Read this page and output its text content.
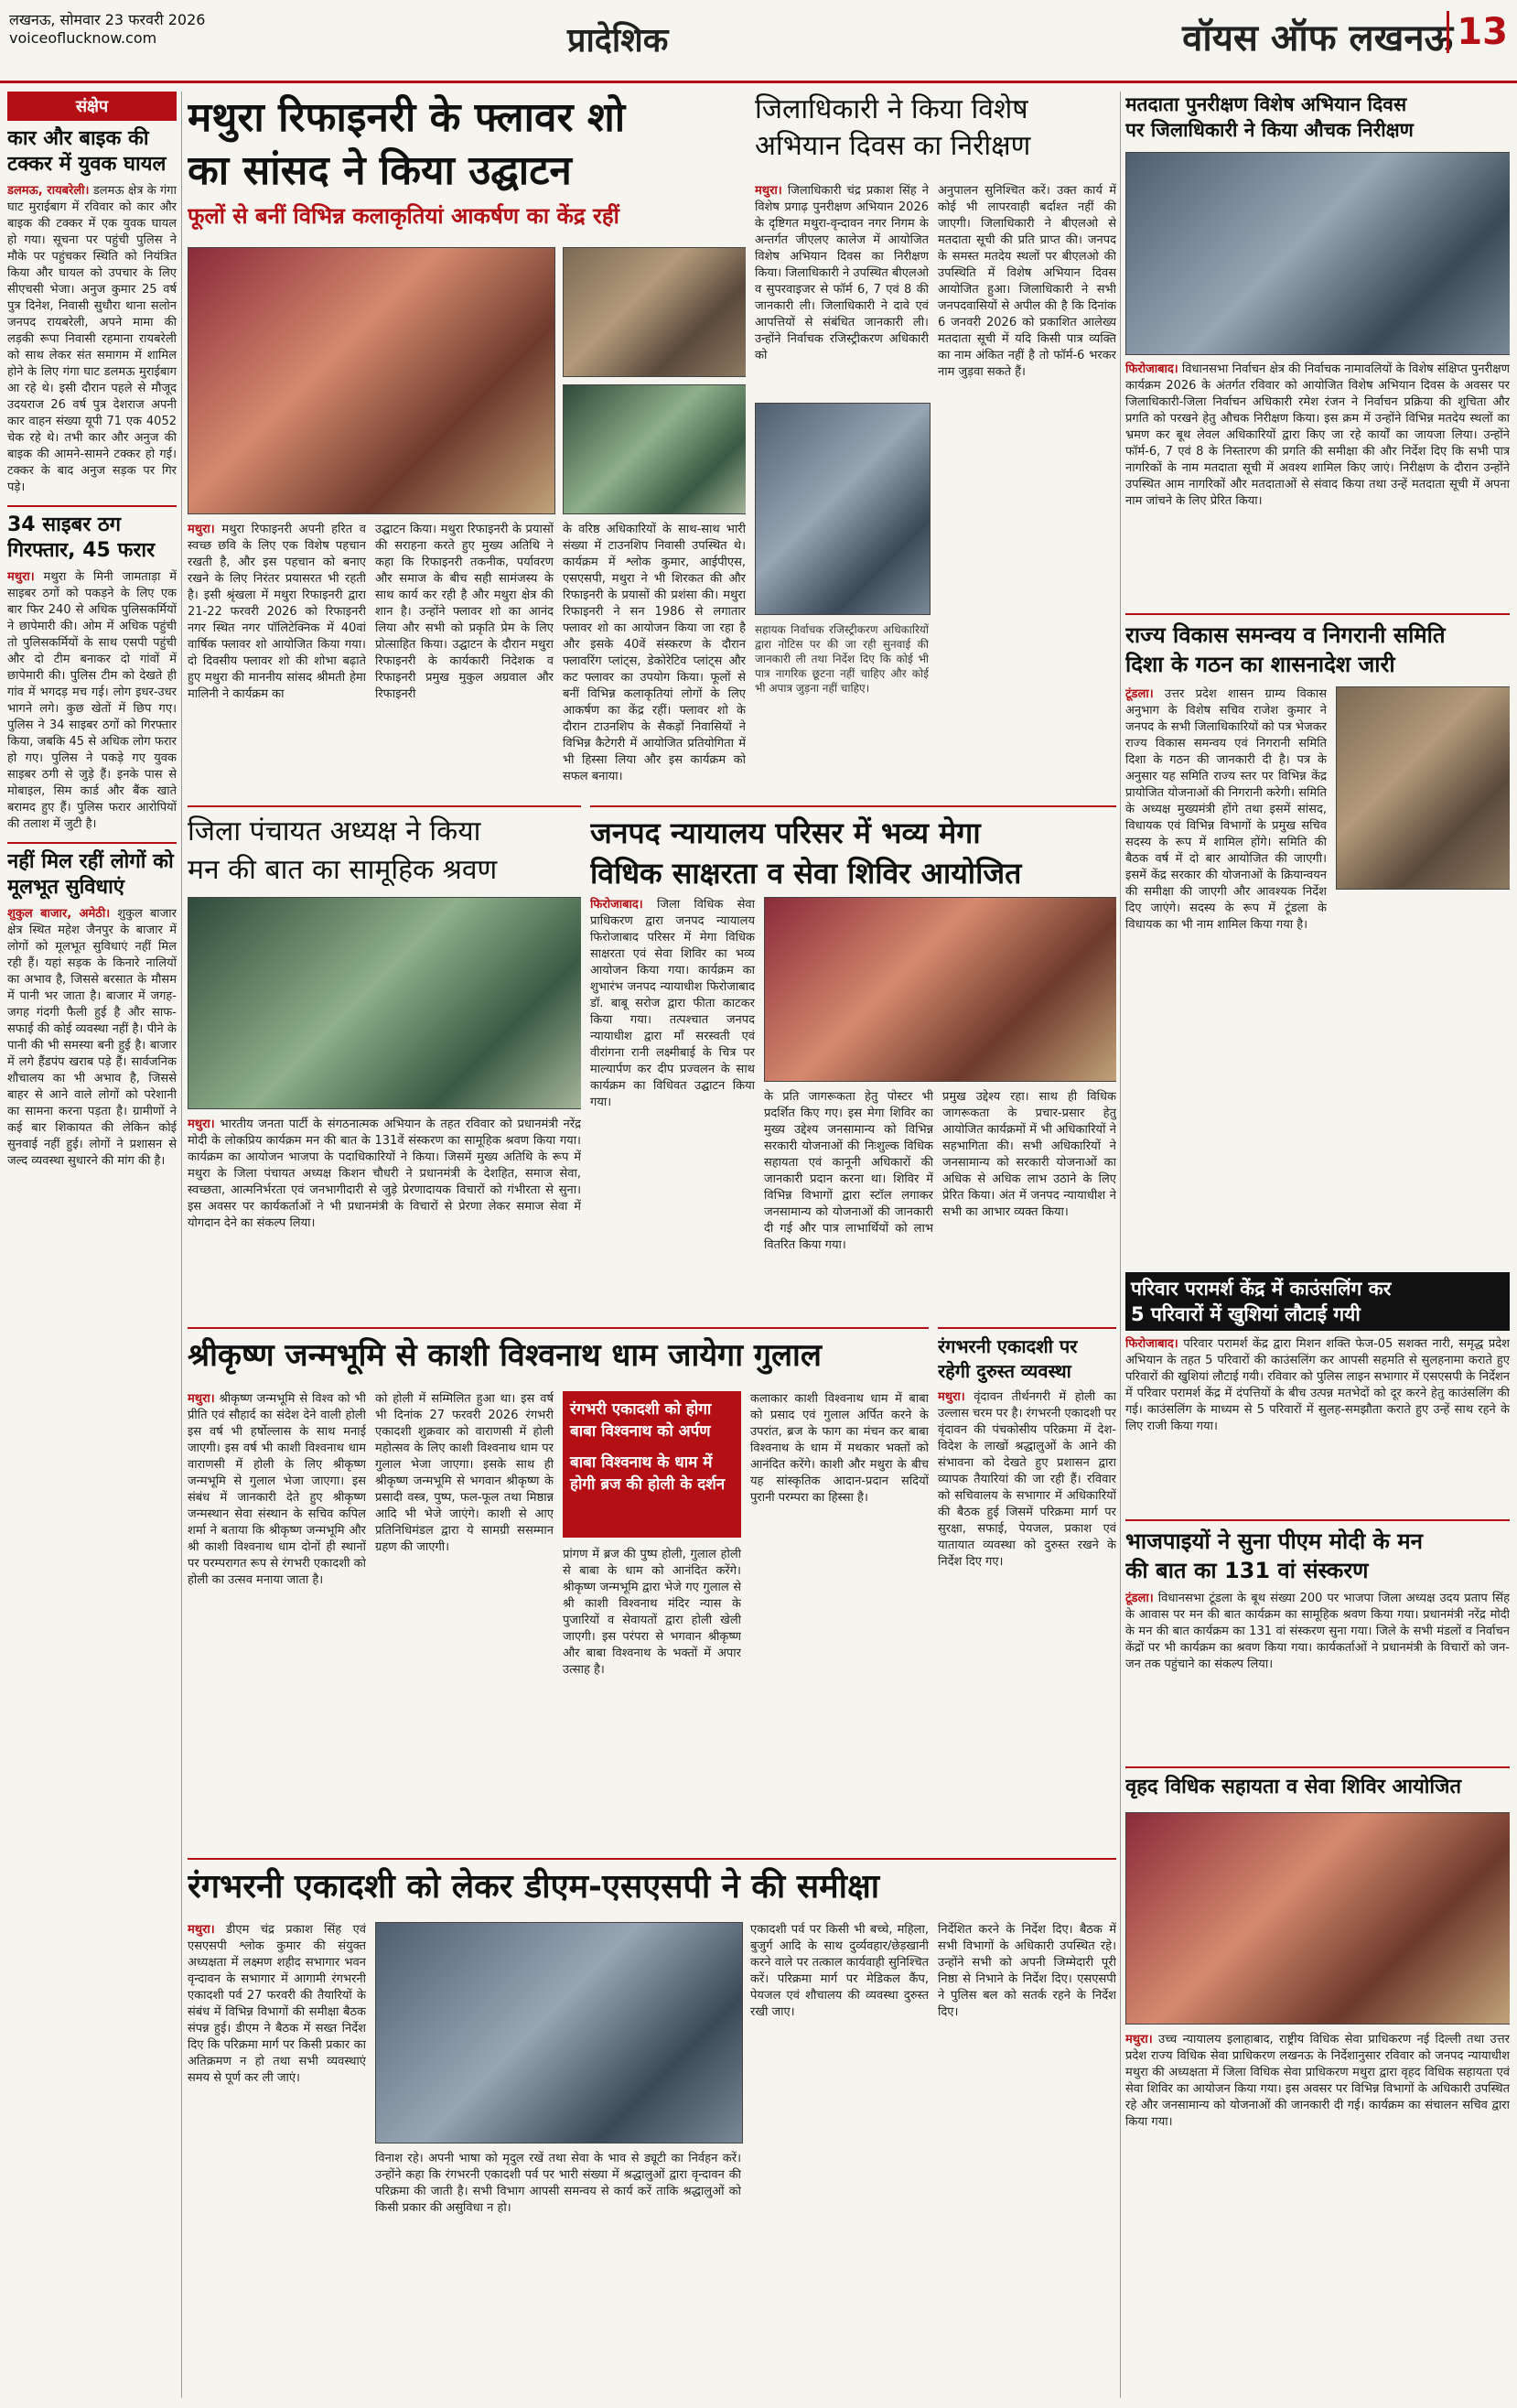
लखनऊ, सोमवार 23 फरवरी 2026
voiceoflucknow.com	प्रादेशिक	वॉयस ऑफ लखनऊ 13
संक्षेप
कार और बाइक की टक्कर में युवक घायल

डलमऊ, रायबरेली। डलमऊ क्षेत्र के गंगा घाट मुराईबाग में रविवार को कार और बाइक की टक्कर में एक युवक घायल हो गया। सूचना पर पहुंची पुलिस ने मौके पर पहुंचकर स्थिति को नियंत्रित किया और घायल को उपचार के लिए सीएचसी भेजा। अनुज कुमार 25 वर्ष पुत्र दिनेश, निवासी सुधौरा थाना सलोन जनपद रायबरेली, अपने मामा की लड़की रूपा निवासी रहमाना रायबरेली को साथ लेकर संत समागम में शामिल होने के लिए गंगा घाट डलमऊ मुराईबाग आ रहे थे। इसी दौरान पहले से मौजूद उदयराज 26 वर्ष पुत्र देशराज अपनी कार वाहन संख्या यूपी 71 एक 4052 चेक रहे थे। तभी कार और अनुज की बाइक की आमने-सामने टक्कर हो गई। टक्कर के बाद अनुज सड़क पर गिर पड़े।

34 साइबर ठग गिरफ्तार, 45 फरार

मथुरा। मथुरा के मिनी जामताड़ा में साइबर ठगों को पकड़ने के लिए एक बार फिर 240 से अधिक पुलिसकर्मियों ने छापेमारी की। ओम में अधिक पहुंची तो पुलिसकर्मियों के साथ एसपी पहुंची और दो टीम बनाकर दो गांवों में छापेमारी की। पुलिस टीम को देखते ही गांव में भगदड़ मच गई। लोग इधर-उधर भागने लगे। कुछ खेतों में छिप गए। पुलिस ने 34 साइबर ठगों को गिरफ्तार किया, जबकि 45 से अधिक लोग फरार हो गए। पुलिस ने पकड़े गए युवक साइबर ठगी से जुड़े हैं। इनके पास से मोबाइल, सिम कार्ड और बैंक खाते बरामद हुए हैं। पुलिस फरार आरोपियों की तलाश में जुटी है।

नहीं मिल रहीं लोगों को मूलभूत सुविधाएं

शुकुल बाजार, अमेठी। शुकुल बाजार क्षेत्र स्थित महेश जैनपुर के बाजार में लोगों को मूलभूत सुविधाएं नहीं मिल रही हैं। यहां सड़क के किनारे नालियों का अभाव है, जिससे बरसात के मौसम में पानी भर जाता है। बाजार में जगह-जगह गंदगी फैली हुई है और साफ-सफाई की कोई व्यवस्था नहीं है। पीने के पानी की भी समस्या बनी हुई है। बाजार में लगे हैंडपंप खराब पड़े हैं। सार्वजनिक शौचालय का भी अभाव है, जिससे बाहर से आने वाले लोगों को परेशानी का सामना करना पड़ता है। ग्रामीणों ने कई बार शिकायत की लेकिन कोई सुनवाई नहीं हुई। लोगों ने प्रशासन से जल्द व्यवस्था सुधारने की मांग की है।

मथुरा रिफाइनरी के फ्लावर शो
का सांसद ने किया उद्घाटन
फूलों से बनीं विभिन्न कलाकृतियां आकर्षण का केंद्र रहीं
मथुरा। मथुरा रिफाइनरी अपनी हरित व स्वच्छ छवि के लिए एक विशेष पहचान रखती है, और इस पहचान को बनाए रखने के लिए निरंतर प्रयासरत भी रहती है। इसी श्रृंखला में मथुरा रिफाइनरी द्वारा 21-22 फरवरी 2026 को रिफाइनरी नगर स्थित नगर पॉलिटेक्निक में 40वां वार्षिक फ्लावर शो आयोजित किया गया। दो दिवसीय फ्लावर शो की शोभा बढ़ाते हुए मथुरा की माननीय सांसद श्रीमती हेमा मालिनी ने कार्यक्रम का
उद्घाटन किया। मथुरा रिफाइनरी के प्रयासों की सराहना करते हुए मुख्य अतिथि ने कहा कि रिफाइनरी तकनीक, पर्यावरण और समाज के बीच सही सामंजस्य के साथ कार्य कर रही है और मथुरा क्षेत्र की शान है। उन्होंने फ्लावर शो का आनंद लिया और सभी को प्रकृति प्रेम के लिए प्रोत्साहित किया। उद्घाटन के दौरान मथुरा रिफाइनरी के कार्यकारी निदेशक व रिफाइनरी प्रमुख मुकुल अग्रवाल और रिफाइनरी
के वरिष्ठ अधिकारियों के साथ-साथ भारी संख्या में टाउनशिप निवासी उपस्थित थे। कार्यक्रम में श्लोक कुमार, आईपीएस, एसएसपी, मथुरा ने भी शिरकत की और रिफाइनरी के प्रयासों की प्रशंसा की। मथुरा रिफाइनरी ने सन 1986 से लगातार फ्लावर शो का आयोजन किया जा रहा है और इसके 40वें संस्करण के दौरान फ्लावरिंग प्लांट्स, डेकोरेटिव प्लांट्स और कट फ्लावर का उपयोग किया। फूलों से बनीं विभिन्न कलाकृतियां लोगों के लिए आकर्षण का केंद्र रहीं। फ्लावर शो के दौरान टाउनशिप के सैकड़ों निवासियों ने विभिन्न कैटेगरी में आयोजित प्रतियोगिता में भी हिस्सा लिया और इस कार्यक्रम को सफल बनाया।
जिलाधिकारी ने किया विशेष
अभियान दिवस का निरीक्षण
मथुरा। जिलाधिकारी चंद्र प्रकाश सिंह ने विशेष प्रगाढ़ पुनरीक्षण अभियान 2026 के दृष्टिगत मथुरा-वृन्दावन नगर निगम के अन्तर्गत जीएलए कालेज में आयोजित विशेष अभियान दिवस का निरीक्षण किया। जिलाधिकारी ने उपस्थित बीएलओ व सुपरवाइजर से फॉर्म 6, 7 एवं 8 की जानकारी ली। जिलाधिकारी ने दावे एवं आपत्तियों से संबंधित जानकारी ली। उन्होंने निर्वाचक रजिस्ट्रीकरण अधिकारी को
अनुपालन सुनिश्चित करें। उक्त कार्य में कोई भी लापरवाही बर्दाश्त नहीं की जाएगी। जिलाधिकारी ने बीएलओ से मतदाता सूची की प्रति प्राप्त की। जनपद के समस्त मतदेय स्थलों पर बीएलओ की उपस्थिति में विशेष अभियान दिवस आयोजित हुआ। जिलाधिकारी ने सभी जनपदवासियों से अपील की है कि दिनांक 6 जनवरी 2026 को प्रकाशित आलेख्य मतदाता सूची में यदि किसी पात्र व्यक्ति का नाम अंकित नहीं है तो फॉर्म-6 भरकर नाम जुड़वा सकते हैं।
सहायक निर्वाचक रजिस्ट्रीकरण अधिकारियों द्वारा नोटिस पर की जा रही सुनवाई की जानकारी ली तथा निर्देश दिए कि कोई भी पात्र नागरिक छूटना नहीं चाहिए और कोई भी अपात्र जुड़ना नहीं चाहिए।
मतदाता पुनरीक्षण विशेष अभियान दिवस
पर जिलाधिकारी ने किया औचक निरीक्षण
फिरोजाबाद। विधानसभा निर्वाचन क्षेत्र की निर्वाचक नामावलियों के विशेष संक्षिप्त पुनरीक्षण कार्यक्रम 2026 के अंतर्गत रविवार को आयोजित विशेष अभियान दिवस के अवसर पर जिलाधिकारी-जिला निर्वाचन अधिकारी रमेश रंजन ने निर्वाचन प्रक्रिया की शुचिता और प्रगति को परखने हेतु औचक निरीक्षण किया। इस क्रम में उन्होंने विभिन्न मतदेय स्थलों का भ्रमण कर बूथ लेवल अधिकारियों द्वारा किए जा रहे कार्यों का जायजा लिया। उन्होंने फॉर्म-6, 7 एवं 8 के निस्तारण की प्रगति की समीक्षा की और निर्देश दिए कि सभी पात्र नागरिकों के नाम मतदाता सूची में अवश्य शामिल किए जाएं। निरीक्षण के दौरान उन्होंने उपस्थित आम नागरिकों और मतदाताओं से संवाद किया तथा उन्हें मतदाता सूची में अपना नाम जांचने के लिए प्रेरित किया।
राज्य विकास समन्वय व निगरानी समिति
दिशा के गठन का शासनादेश जारी
टूंडला। उत्तर प्रदेश शासन ग्राम्य विकास अनुभाग के विशेष सचिव राजेश कुमार ने जनपद के सभी जिलाधिकारियों को पत्र भेजकर राज्य विकास समन्वय एवं निगरानी समिति दिशा के गठन की जानकारी दी है। पत्र के अनुसार यह समिति राज्य स्तर पर विभिन्न केंद्र प्रायोजित योजनाओं की निगरानी करेगी। समिति के अध्यक्ष मुख्यमंत्री होंगे तथा इसमें सांसद, विधायक एवं विभिन्न विभागों के प्रमुख सचिव सदस्य के रूप में शामिल होंगे। समिति की बैठक वर्ष में दो बार आयोजित की जाएगी। इसमें केंद्र सरकार की योजनाओं के क्रियान्वयन की समीक्षा की जाएगी और आवश्यक निर्देश दिए जाएंगे। सदस्य के रूप में टूंडला के विधायक का भी नाम शामिल किया गया है।
जिला पंचायत अध्यक्ष ने किया
मन की बात का सामूहिक श्रवण
मथुरा। भारतीय जनता पार्टी के संगठनात्मक अभियान के तहत रविवार को प्रधानमंत्री नरेंद्र मोदी के लोकप्रिय कार्यक्रम मन की बात के 131वें संस्करण का सामूहिक श्रवण किया गया। कार्यक्रम का आयोजन भाजपा के पदाधिकारियों ने किया। जिसमें मुख्य अतिथि के रूप में मथुरा के जिला पंचायत अध्यक्ष किशन चौधरी ने प्रधानमंत्री के देशहित, समाज सेवा, स्वच्छता, आत्मनिर्भरता एवं जनभागीदारी से जुड़े प्रेरणादायक विचारों को गंभीरता से सुना। इस अवसर पर कार्यकर्ताओं ने भी प्रधानमंत्री के विचारों से प्रेरणा लेकर समाज सेवा में योगदान देने का संकल्प लिया।
जनपद न्यायालय परिसर में भव्य मेगा
विधिक साक्षरता व सेवा शिविर आयोजित
फिरोजाबाद। जिला विधिक सेवा प्राधिकरण द्वारा जनपद न्यायालय फिरोजाबाद परिसर में मेगा विधिक साक्षरता एवं सेवा शिविर का भव्य आयोजन किया गया। कार्यक्रम का शुभारंभ जनपद न्यायाधीश फिरोजाबाद डॉ. बाबू सरोज द्वारा फीता काटकर किया गया। तत्पश्चात जनपद न्यायाधीश द्वारा माँ सरस्वती एवं वीरांगना रानी लक्ष्मीबाई के चित्र पर माल्यार्पण कर दीप प्रज्वलन के साथ कार्यक्रम का विधिवत उद्घाटन किया गया।	के प्रति जागरूकता हेतु पोस्टर भी प्रदर्शित किए गए। इस मेगा शिविर का मुख्य उद्देश्य जनसामान्य को विभिन्न सरकारी योजनाओं की निःशुल्क विधिक सहायता एवं कानूनी अधिकारों की जानकारी प्रदान करना था। शिविर में विभिन्न विभागों द्वारा स्टॉल लगाकर जनसामान्य को योजनाओं की जानकारी दी गई और पात्र लाभार्थियों को लाभ वितरित किया गया।
प्रमुख उद्देश्य रहा। साथ ही विधिक जागरूकता के प्रचार-प्रसार हेतु आयोजित कार्यक्रमों में भी अधिकारियों ने सहभागिता की। सभी अधिकारियों ने जनसामान्य को सरकारी योजनाओं का अधिक से अधिक लाभ उठाने के लिए प्रेरित किया। अंत में जनपद न्यायाधीश ने सभी का आभार व्यक्त किया।
परिवार परामर्श केंद्र में काउंसलिंग कर
5 परिवारों में खुशियां लौटाई गयी
फिरोजाबाद। परिवार परामर्श केंद्र द्वारा मिशन शक्ति फेज-05 सशक्त नारी, समृद्ध प्रदेश अभियान के तहत 5 परिवारों की काउंसलिंग कर आपसी सहमति से सुलहनामा कराते हुए परिवारों की खुशियां लौटाई गयी। रविवार को पुलिस लाइन सभागार में एसएसपी के निर्देशन में परिवार परामर्श केंद्र में दंपत्तियों के बीच उत्पन्न मतभेदों को दूर करने हेतु काउंसलिंग की गई। काउंसलिंग के माध्यम से 5 परिवारों में सुलह-समझौता कराते हुए उन्हें साथ रहने के लिए राजी किया गया।
श्रीकृष्ण जन्मभूमि से काशी विश्वनाथ धाम जायेगा गुलाल
मथुरा। श्रीकृष्ण जन्मभूमि से विश्व को भी प्रीति एवं सौहार्द का संदेश देने वाली होली इस वर्ष भी हर्षोल्लास के साथ मनाई जाएगी। इस वर्ष भी काशी विश्वनाथ धाम वाराणसी में होली के लिए श्रीकृष्ण जन्मभूमि से गुलाल भेजा जाएगा। इस संबंध में जानकारी देते हुए श्रीकृष्ण जन्मस्थान सेवा संस्थान के सचिव कपिल शर्मा ने बताया कि श्रीकृष्ण जन्मभूमि और श्री काशी विश्वनाथ धाम दोनों ही स्थानों पर परम्परागत रूप से रंगभरी एकादशी को होली का उत्सव मनाया जाता है।
को होली में सम्मिलित हुआ था। इस वर्ष भी दिनांक 27 फरवरी 2026 रंगभरी एकादशी शुक्रवार को वाराणसी में होली महोत्सव के लिए काशी विश्वनाथ धाम पर गुलाल भेजा जाएगा। इसके साथ ही श्रीकृष्ण जन्मभूमि से भगवान श्रीकृष्ण के प्रसादी वस्त्र, पुष्प, फल-फूल तथा मिष्ठान्न आदि भी भेजे जाएंगे। काशी से आए प्रतिनिधिमंडल द्वारा ये सामग्री ससम्मान ग्रहण की जाएगी।
रंगभरी एकादशी को होगा बाबा विश्वनाथ को अर्पण
बाबा विश्वनाथ के धाम में होगी ब्रज की होली के दर्शन
प्रांगण में ब्रज की पुष्प होली, गुलाल होली से बाबा के धाम को आनंदित करेंगे। श्रीकृष्ण जन्मभूमि द्वारा भेजे गए गुलाल से श्री काशी विश्वनाथ मंदिर न्यास के पुजारियों व सेवायतों द्वारा होली खेली जाएगी। इस परंपरा से भगवान श्रीकृष्ण और बाबा विश्वनाथ के भक्तों में अपार उत्साह है।
कलाकार काशी विश्वनाथ धाम में बाबा को प्रसाद एवं गुलाल अर्पित करने के उपरांत, ब्रज के फाग का मंचन कर बाबा विश्वनाथ के धाम में मथकार भक्तों को आनंदित करेंगे। काशी और मथुरा के बीच यह सांस्कृतिक आदान-प्रदान सदियों पुरानी परम्परा का हिस्सा है।
रंगभरनी एकादशी पर
रहेगी दुरुस्त व्यवस्था
मथुरा। वृंदावन तीर्थनगरी में होली का उल्लास चरम पर है। रंगभरनी एकादशी पर वृंदावन की पंचकोसीय परिक्रमा में देश-विदेश के लाखों श्रद्धालुओं के आने की संभावना को देखते हुए प्रशासन द्वारा व्यापक तैयारियां की जा रही हैं। रविवार को सचिवालय के सभागार में अधिकारियों की बैठक हुई जिसमें परिक्रमा मार्ग पर सुरक्षा, सफाई, पेयजल, प्रकाश एवं यातायात व्यवस्था को दुरुस्त रखने के निर्देश दिए गए।
भाजपाइयों ने सुना पीएम मोदी के मन
की बात का 131 वां संस्करण
टूंडला। विधानसभा टूंडला के बूथ संख्या 200 पर भाजपा जिला अध्यक्ष उदय प्रताप सिंह के आवास पर मन की बात कार्यक्रम का सामूहिक श्रवण किया गया। प्रधानमंत्री नरेंद्र मोदी के मन की बात कार्यक्रम का 131 वां संस्करण सुना गया। जिले के सभी मंडलों व निर्वाचन केंद्रों पर भी कार्यक्रम का श्रवण किया गया। कार्यकर्ताओं ने प्रधानमंत्री के विचारों को जन-जन तक पहुंचाने का संकल्प लिया।
वृहद विधिक सहायता व सेवा शिविर आयोजित
मथुरा। उच्च न्यायालय इलाहाबाद, राष्ट्रीय विधिक सेवा प्राधिकरण नई दिल्ली तथा उत्तर प्रदेश राज्य विधिक सेवा प्राधिकरण लखनऊ के निर्देशानुसार रविवार को जनपद न्यायाधीश मथुरा की अध्यक्षता में जिला विधिक सेवा प्राधिकरण मथुरा द्वारा वृहद विधिक सहायता एवं सेवा शिविर का आयोजन किया गया। इस अवसर पर विभिन्न विभागों के अधिकारी उपस्थित रहे और जनसामान्य को योजनाओं की जानकारी दी गई। कार्यक्रम का संचालन सचिव द्वारा किया गया।
रंगभरनी एकादशी को लेकर डीएम-एसएसपी ने की समीक्षा
मथुरा। डीएम चंद्र प्रकाश सिंह एवं एसएसपी श्लोक कुमार की संयुक्त अध्यक्षता में लक्ष्मण शहीद सभागार भवन वृन्दावन के सभागार में आगामी रंगभरनी एकादशी पर्व 27 फरवरी की तैयारियों के संबंध में विभिन्न विभागों की समीक्षा बैठक संपन्न हुई। डीएम ने बैठक में सख्त निर्देश दिए कि परिक्रमा मार्ग पर किसी प्रकार का अतिक्रमण न हो तथा सभी व्यवस्थाएं समय से पूर्ण कर ली जाएं।
विनाश रहे। अपनी भाषा को मृदुल रखें तथा सेवा के भाव से ड्यूटी का निर्वहन करें। उन्होंने कहा कि रंगभरनी एकादशी पर्व पर भारी संख्या में श्रद्धालुओं द्वारा वृन्दावन की परिक्रमा की जाती है। सभी विभाग आपसी समन्वय से कार्य करें ताकि श्रद्धालुओं को किसी प्रकार की असुविधा न हो।
एकादशी पर्व पर किसी भी बच्चे, महिला, बुजुर्ग आदि के साथ दुर्व्यवहार/छेड़खानी करने वाले पर तत्काल कार्यवाही सुनिश्चित करें। परिक्रमा मार्ग पर मेडिकल कैंप, पेयजल एवं शौचालय की व्यवस्था दुरुस्त रखी जाए।
निर्देशित करने के निर्देश दिए। बैठक में सभी विभागों के अधिकारी उपस्थित रहे। उन्होंने सभी को अपनी जिम्मेदारी पूरी निष्ठा से निभाने के निर्देश दिए। एसएसपी ने पुलिस बल को सतर्क रहने के निर्देश दिए।
